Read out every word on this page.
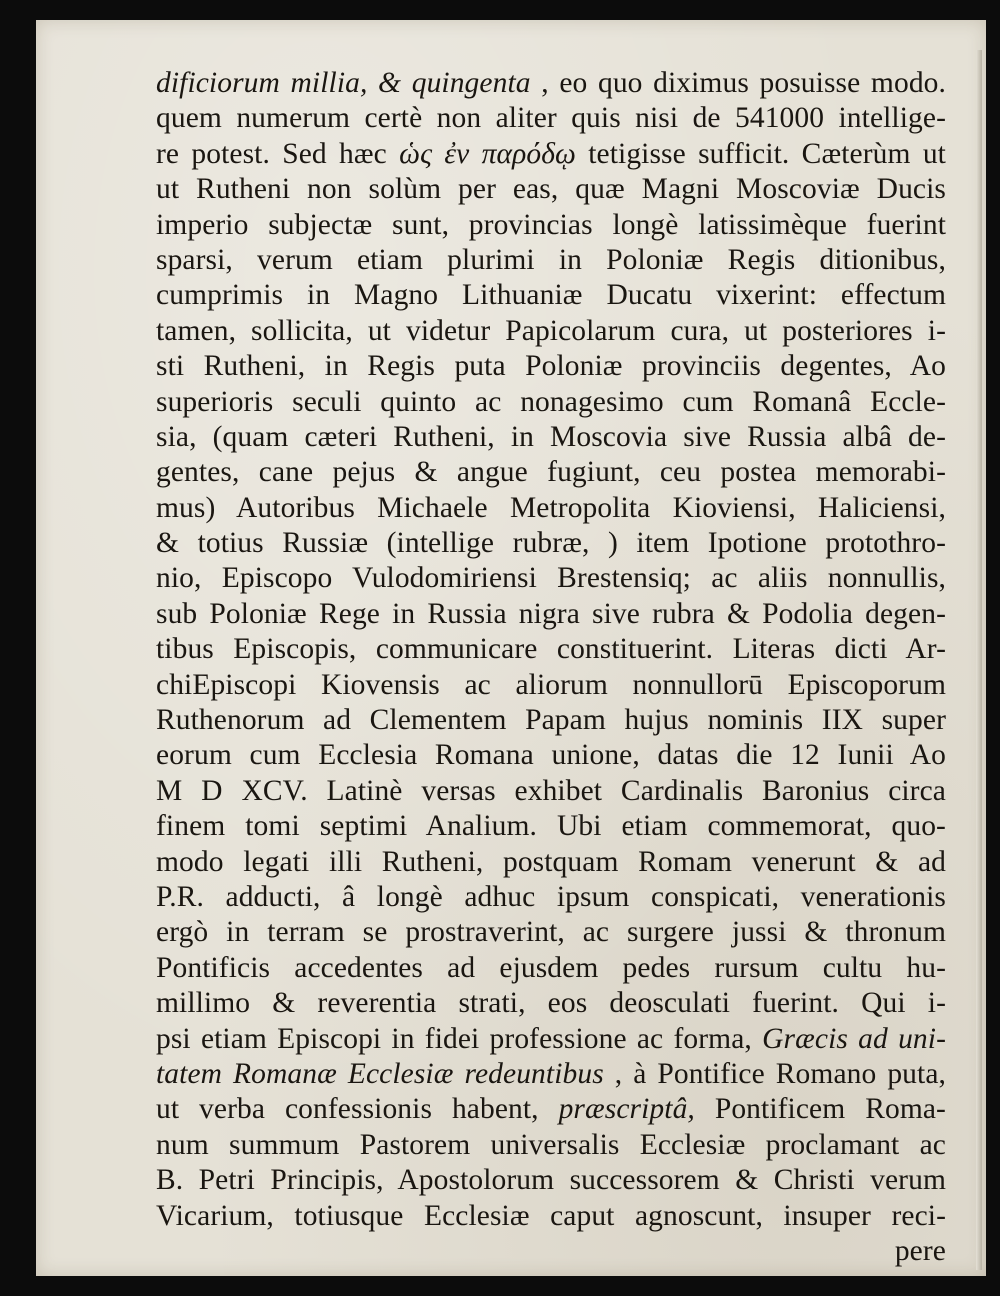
dificiorum millia, & quingenta , eo quo diximus posuisse modo.
quem numerum certè non aliter quis nisi de 541000 intellige-
re potest. Sed hæc ὡς ἐν παρόδῳ tetigisse sufficit. Cæterùm ut
ut Rutheni non solùm per eas, quæ Magni Moscoviæ Ducis
imperio subjectæ sunt, provincias longè latissimèque fuerint
sparsi, verum etiam plurimi in Poloniæ Regis ditionibus,
cumprimis in Magno Lithuaniæ Ducatu vixerint: effectum
tamen, sollicita, ut videtur Papicolarum cura, ut posteriores i-
sti Rutheni, in Regis puta Poloniæ provinciis degentes, Ao
superioris seculi quinto ac nonagesimo cum Romanâ Eccle-
sia, (quam cæteri Rutheni, in Moscovia sive Russia albâ de-
gentes, cane pejus & angue fugiunt, ceu postea memorabi-
mus) Autoribus Michaele Metropolita Kioviensi, Haliciensi,
& totius Russiæ (intellige rubræ, ) item Ipotione protothro-
nio, Episcopo Vulodomiriensi Brestensiq; ac aliis nonnullis,
sub Poloniæ Rege in Russia nigra sive rubra & Podolia degen-
tibus Episcopis, communicare constituerint. Literas dicti Ar-
chiEpiscopi Kiovensis ac aliorum nonnullorū Episcoporum
Ruthenorum ad Clementem Papam hujus nominis IIX super
eorum cum Ecclesia Romana unione, datas die 12 Iunii Ao
M D XCV. Latinè versas exhibet Cardinalis Baronius circa
finem tomi septimi Analium. Ubi etiam commemorat, quo-
modo legati illi Rutheni, postquam Romam venerunt & ad
P.R. adducti, â longè adhuc ipsum conspicati, venerationis
ergò in terram se prostraverint, ac surgere jussi & thronum
Pontificis accedentes ad ejusdem pedes rursum cultu hu-
millimo & reverentia strati, eos deosculati fuerint. Qui i-
psi etiam Episcopi in fidei professione ac forma, Græcis ad uni-
tatem Romanæ Ecclesiæ redeuntibus , à Pontifice Romano puta,
ut verba confessionis habent, præscriptâ, Pontificem Roma-
num summum Pastorem universalis Ecclesiæ proclamant ac
B. Petri Principis, Apostolorum successorem & Christi verum
Vicarium, totiusque Ecclesiæ caput agnoscunt, insuper reci-
pere
